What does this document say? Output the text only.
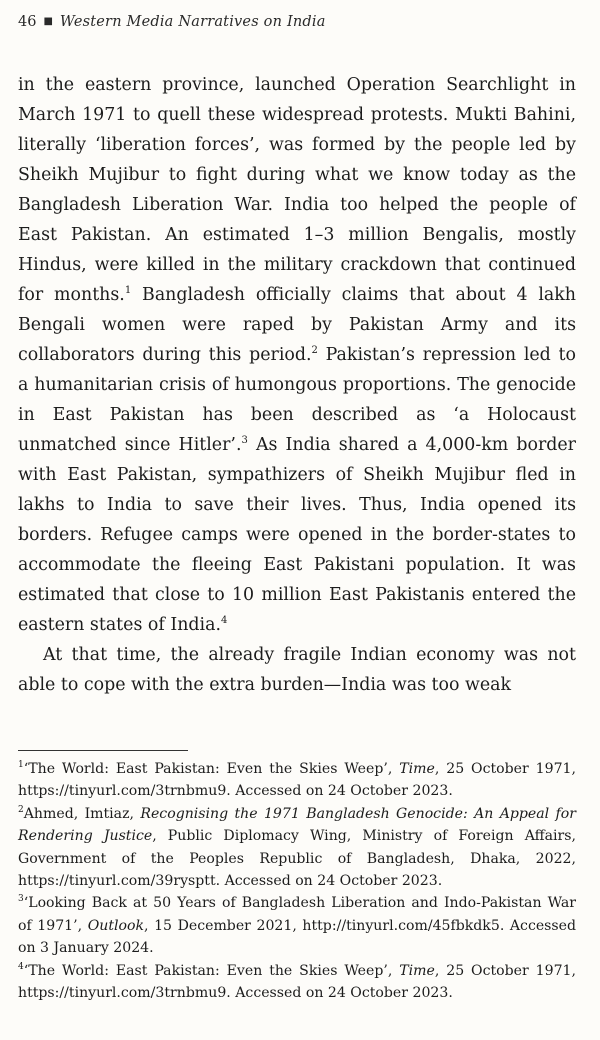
46 ■ Western Media Narratives on India

in the eastern province, launched Operation Searchlight in March 1971 to quell these widespread protests. Mukti Bahini, literally ‘liberation forces’, was formed by the people led by Sheikh Mujibur to fight during what we know today as the Bangladesh Liberation War. India too helped the people of East Pakistan. An estimated 1–3 million Bengalis, mostly Hindus, were killed in the military crackdown that continued for months.$^1$ Bangladesh officially claims that about 4 lakh Bengali women were raped by Pakistan Army and its collaborators during this period.$^2$ Pakistan’s repression led to a humanitarian crisis of humongous proportions. The genocide in East Pakistan has been described as ‘a Holocaust unmatched since Hitler’.$^3$ As India shared a 4,000-km border with East Pakistan, sympathizers of Sheikh Mujibur fled in lakhs to India to save their lives. Thus, India opened its borders. Refugee camps were opened in the border-states to accommodate the fleeing East Pakistani population. It was estimated that close to 10 million East Pakistanis entered the eastern states of India.$^4$

At that time, the already fragile Indian economy was not able to cope with the extra burden—India was too weak

$^1$‘The World: East Pakistan: Even the Skies Weep’, Time, 25 October 1971, https://tinyurl.com/3trnbmu9. Accessed on 24 October 2023.

$^2$Ahmed, Imtiaz, Recognising the 1971 Bangladesh Genocide: An Appeal for Rendering Justice, Public Diplomacy Wing, Ministry of Foreign Affairs, Government of the Peoples Republic of Bangladesh, Dhaka, 2022, https://tinyurl.com/39rysptt. Accessed on 24 October 2023.

$^3$‘Looking Back at 50 Years of Bangladesh Liberation and Indo-Pakistan War of 1971’, Outlook, 15 December 2021, http://tinyurl.com/45fbkdk5. Accessed on 3 January 2024.

$^4$‘The World: East Pakistan: Even the Skies Weep’, Time, 25 October 1971, https://tinyurl.com/3trnbmu9. Accessed on 24 October 2023.
